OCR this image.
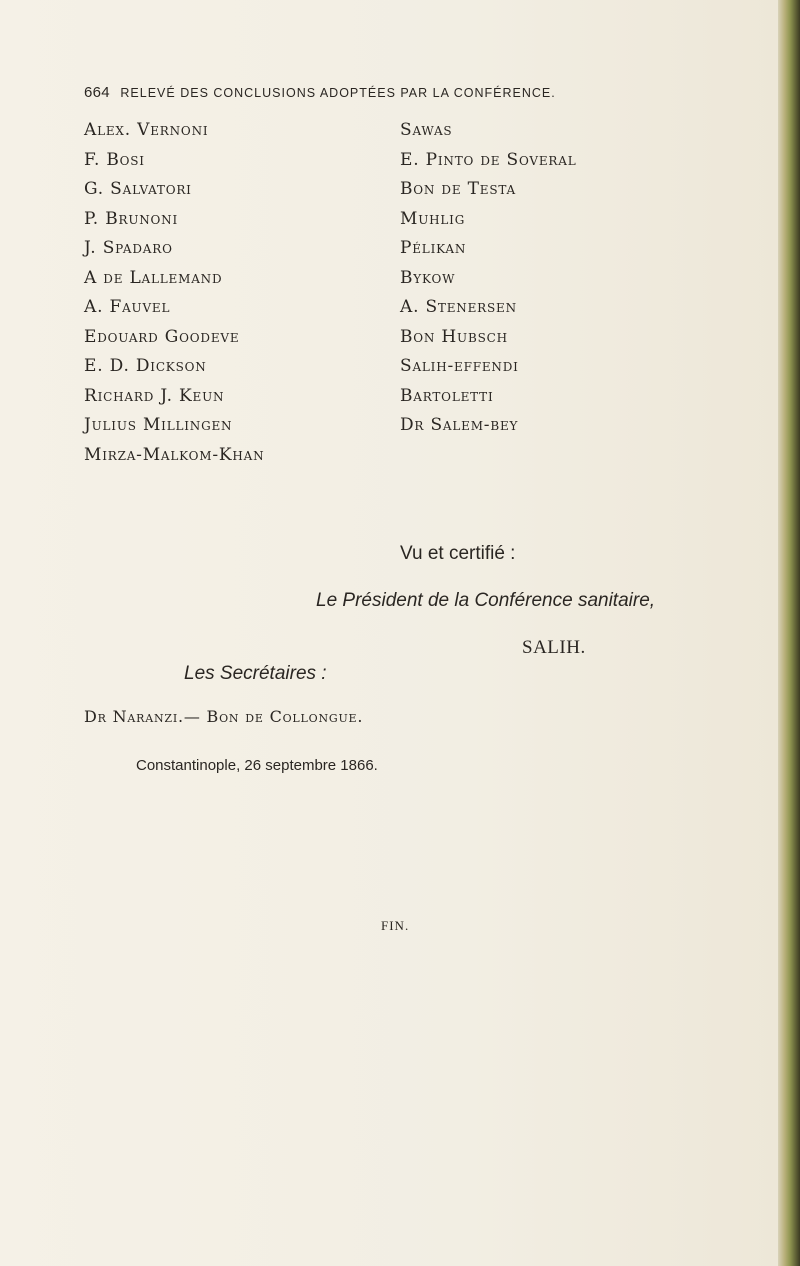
664 RELEVÉ DES CONCLUSIONS ADOPTÉES PAR LA CONFÉRENCE.
Alex. Vernoni
F. Bosi
G. Salvatori
P. Brunoni
J. Spadaro
A de Lallemand
A. Fauvel
Edouard Goodeve
E. D. Dickson
Richard J. Keun
Julius Millingen
Mirza-Malkom-Khan
Sawas
E. Pinto de Soveral
Bon de Testa
Muhlig
Pélikan
Bykow
A. Stenersen
Bon Hubsch
Salih-effendi
Bartoletti
Dr Salem-bey
Vu et certifié :
Le Président de la Conférence sanitaire,
SALIH.
Les Secrétaires :
Dr Naranzi.— Bon de Collongue.
Constantinople, 26 septembre 1866.
FIN.
